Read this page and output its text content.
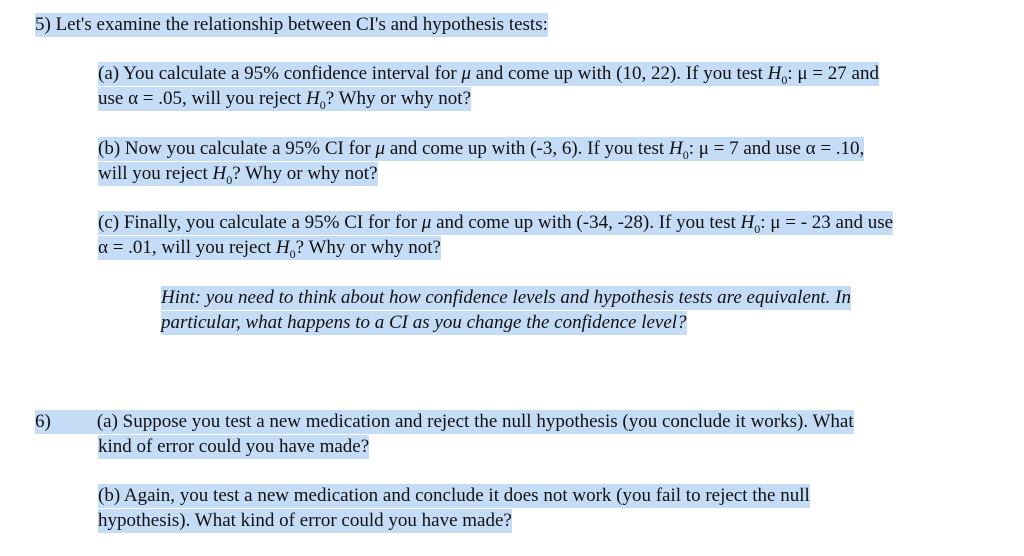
5) Let's examine the relationship between CI's and hypothesis tests:
(a) You calculate a 95% confidence interval for μ and come up with (10, 22). If you test $H_0$: μ = 27 and
use α = .05, will you reject $H_0$? Why or why not?
(b) Now you calculate a 95% CI for μ and come up with (-3, 6). If you test $H_0$: μ = 7 and use α = .10,
will you reject $H_0$? Why or why not?
(c) Finally, you calculate a 95% CI for for μ and come up with (-34, -28). If you test $H_0$: μ = - 23 and use
α = .01, will you reject $H_0$? Why or why not?
Hint: you need to think about how confidence levels and hypothesis tests are equivalent. In
particular, what happens to a CI as you change the confidence level?
6) (a) Suppose you test a new medication and reject the null hypothesis (you conclude it works). What
kind of error could you have made?
(b) Again, you test a new medication and conclude it does not work (you fail to reject the null
hypothesis). What kind of error could you have made?
